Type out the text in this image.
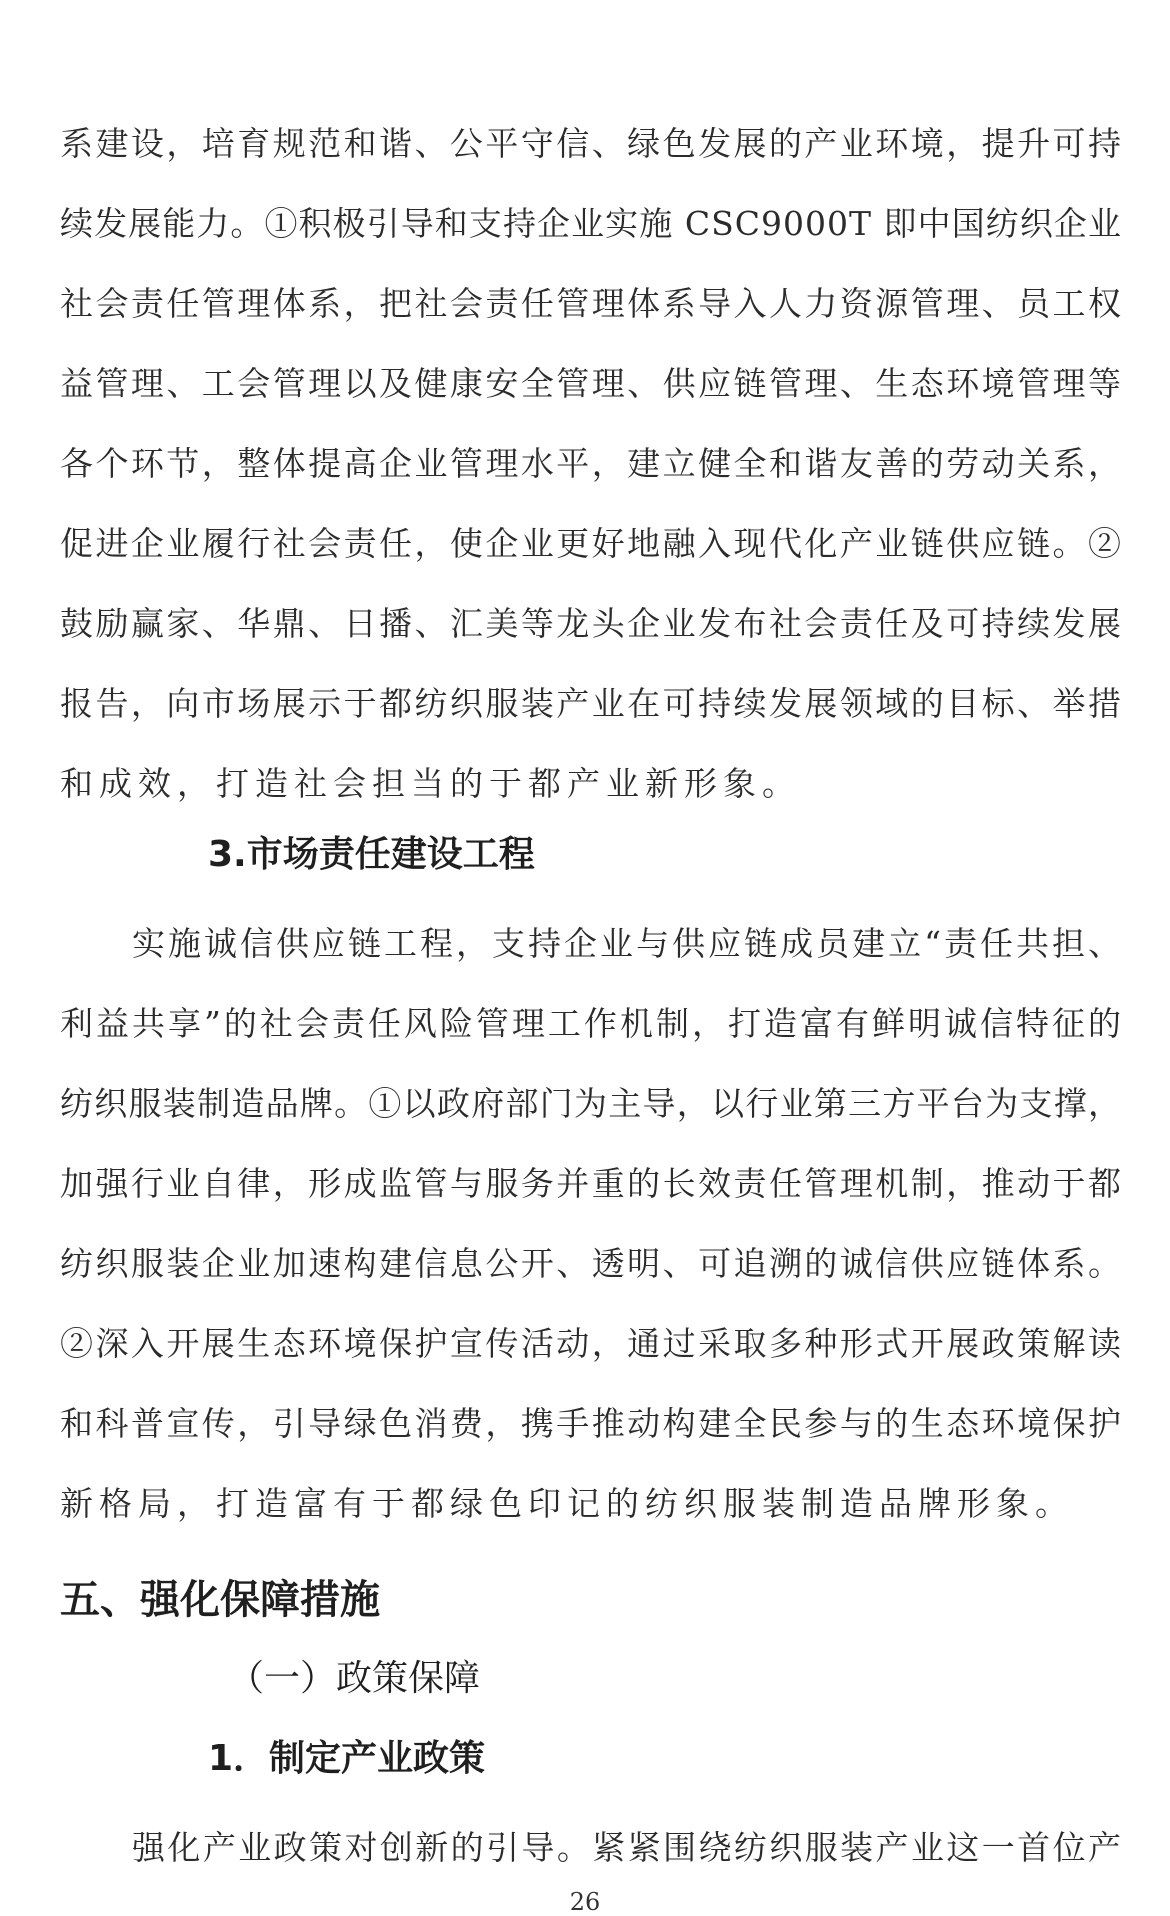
系建设，培育规范和谐、公平守信、绿色发展的产业环境，提升可持
续发展能力。①积极引导和支持企业实施 CSC9000T 即中国纺织企业
社会责任管理体系，把社会责任管理体系导入人力资源管理、员工权
益管理、工会管理以及健康安全管理、供应链管理、生态环境管理等
各个环节，整体提高企业管理水平，建立健全和谐友善的劳动关系，
促进企业履行社会责任，使企业更好地融入现代化产业链供应链。②
鼓励赢家、华鼎、日播、汇美等龙头企业发布社会责任及可持续发展
报告，向市场展示于都纺织服装产业在可持续发展领域的目标、举措
和成效，打造社会担当的于都产业新形象。
3.市场责任建设工程
实施诚信供应链工程，支持企业与供应链成员建立“责任共担、
利益共享”的社会责任风险管理工作机制，打造富有鲜明诚信特征的
纺织服装制造品牌。①以政府部门为主导，以行业第三方平台为支撑，
加强行业自律，形成监管与服务并重的长效责任管理机制，推动于都
纺织服装企业加速构建信息公开、透明、可追溯的诚信供应链体系。
②深入开展生态环境保护宣传活动，通过采取多种形式开展政策解读
和科普宣传，引导绿色消费，携手推动构建全民参与的生态环境保护
新格局，打造富有于都绿色印记的纺织服装制造品牌形象。
五、强化保障措施
（一）政策保障
1．制定产业政策
强化产业政策对创新的引导。紧紧围绕纺织服装产业这一首位产
26
